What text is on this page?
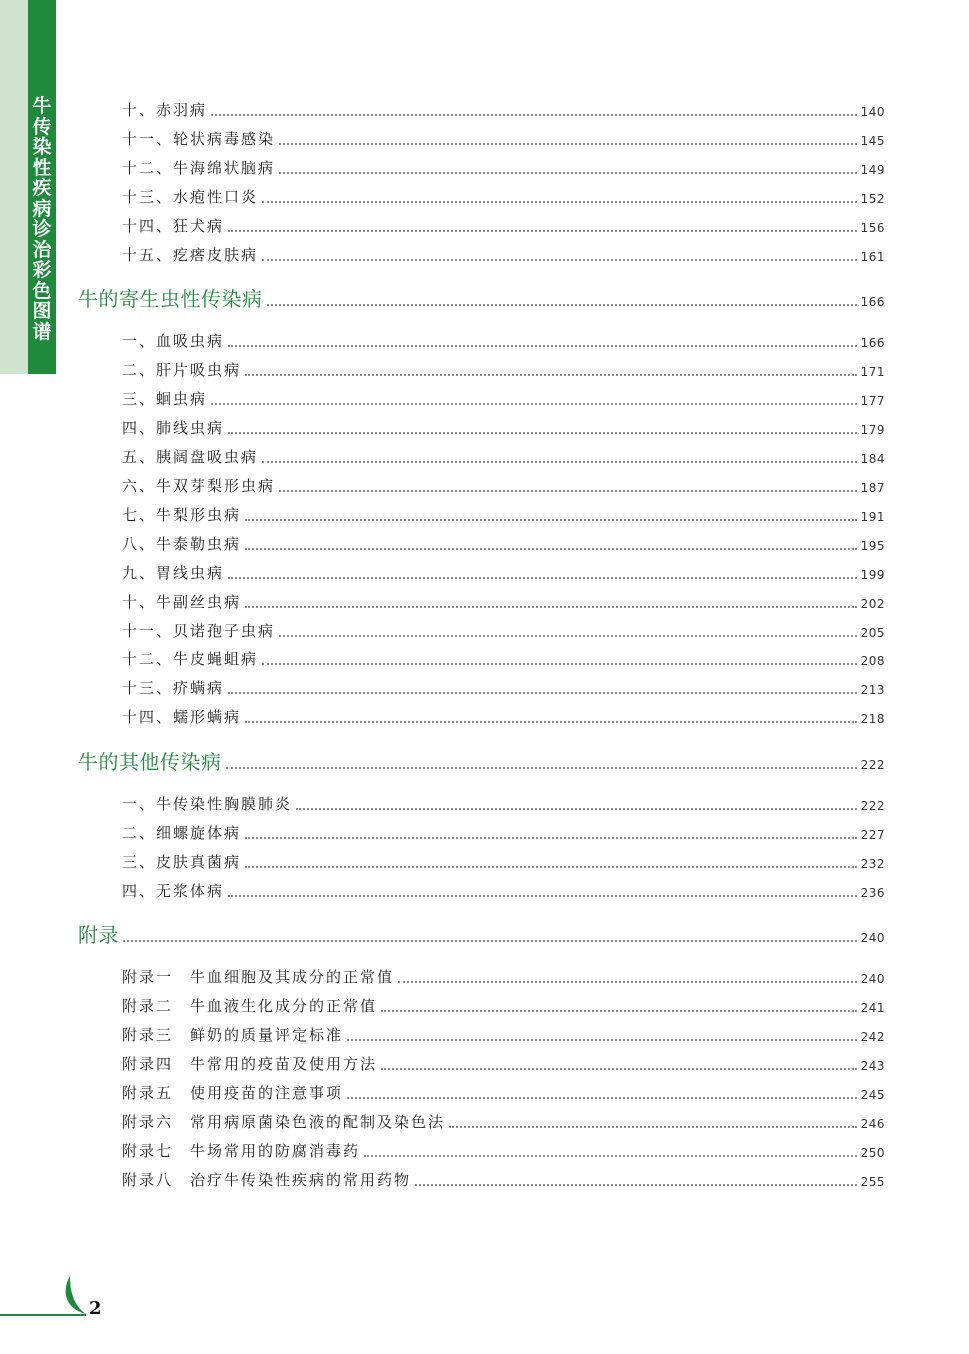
牛传染性疾病诊治彩色图谱
十、赤羽病	140
十一、轮状病毒感染	145
十二、牛海绵状脑病	149
十三、水疱性口炎	152
十四、狂犬病	156
十五、疙瘩皮肤病	161
牛的寄生虫性传染病	166
一、血吸虫病	166
二、肝片吸虫病	171
三、蛔虫病	177
四、肺线虫病	179
五、胰阔盘吸虫病	184
六、牛双芽梨形虫病	187
七、牛梨形虫病	191
八、牛泰勒虫病	195
九、胃线虫病	199
十、牛副丝虫病	202
十一、贝诺孢子虫病	205
十二、牛皮蝇蛆病	208
十三、疥螨病	213
十四、蠕形螨病	218
牛的其他传染病	222
一、牛传染性胸膜肺炎	222
二、细螺旋体病	227
三、皮肤真菌病	232
四、无浆体病	236
附录	240
附录一　牛血细胞及其成分的正常值	240
附录二　牛血液生化成分的正常值	241
附录三　鲜奶的质量评定标准	242
附录四　牛常用的疫苗及使用方法	243
附录五　使用疫苗的注意事项	245
附录六　常用病原菌染色液的配制及染色法	246
附录七　牛场常用的防腐消毒药	250
附录八　治疗牛传染性疾病的常用药物	255
2
